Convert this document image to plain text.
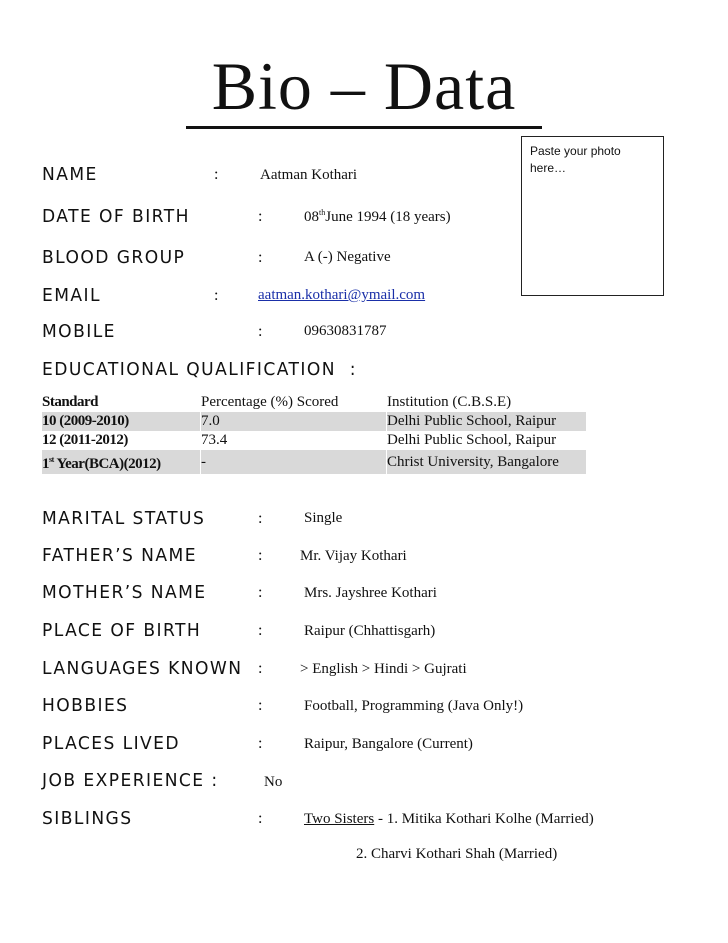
Bio – Data
Paste your photo here…
NAME	:	Aatman Kothari
DATE OF BIRTH	:	08thJune 1994 (18 years)
BLOOD GROUP	:	A (-) Negative
EMAIL	:	aatman.kothari@ymail.com
MOBILE	:	09630831787
EDUCATIONAL QUALIFICATION :
Standard	Percentage (%) Scored	Institution (C.B.S.E)
10 (2009-2010)	7.0	Delhi Public School, Raipur
12 (2011-2012)	73.4	Delhi Public School, Raipur
1st Year(BCA)(2012)	-	Christ University, Bangalore
MARITAL STATUS	:	Single
FATHER’S NAME	:	Mr. Vijay Kothari
MOTHER’S NAME	:	Mrs. Jayshree Kothari
PLACE OF BIRTH	:	Raipur (Chhattisgarh)
LANGUAGES KNOWN :	> English > Hindi > Gujrati
HOBBIES	:	Football, Programming (Java Only!)
PLACES LIVED	:	Raipur, Bangalore (Current)
JOB EXPERIENCE :	No
SIBLINGS	:	Two Sisters - 1. Mitika Kothari Kolhe (Married)
2. Charvi Kothari Shah (Married)
